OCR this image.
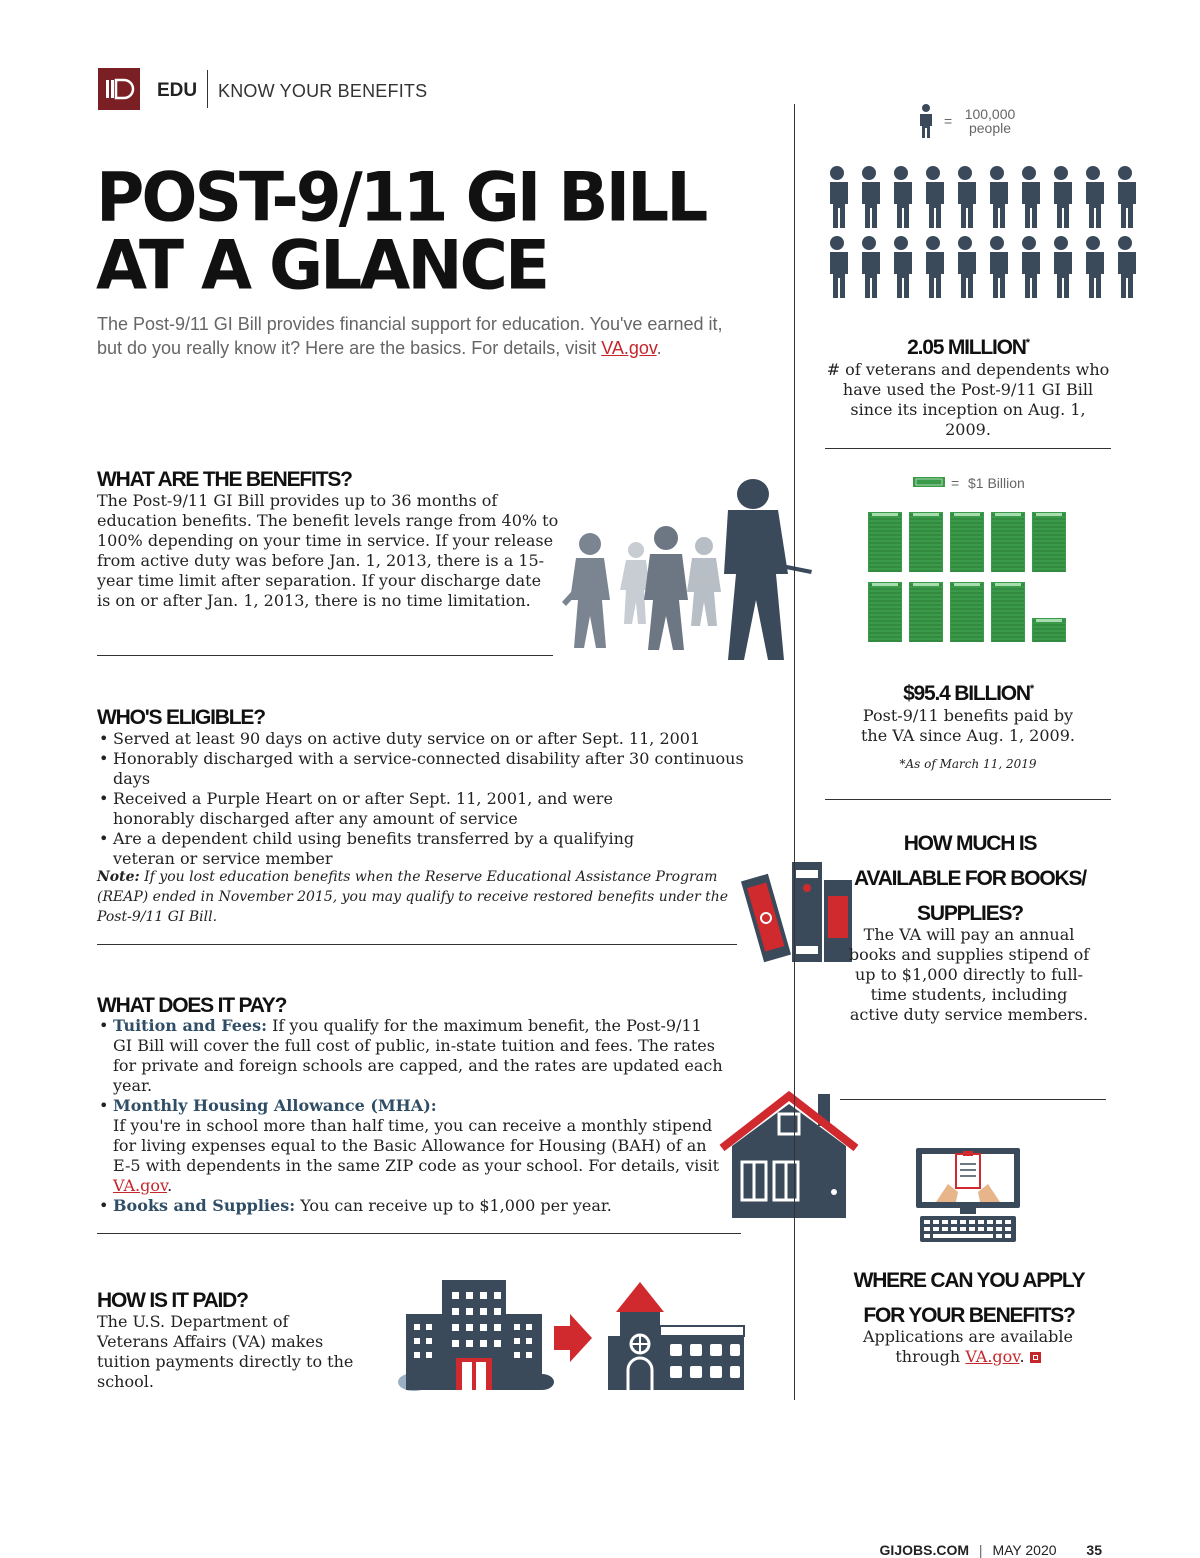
EDU KNOW YOUR BENEFITS
POST-9/11 GI BILL
AT A GLANCE
The Post-9/11 GI Bill provides financial support for education. You've earned it, but do you really know it? Here are the basics. For details, visit VA.gov.
WHAT ARE THE BENEFITS?
The Post-9/11 GI Bill provides up to 36 months of education benefits. The benefit levels range from 40% to 100% depending on your time in service. If your release from active duty was before Jan. 1, 2013, there is a 15-year time limit after separation. If your discharge date is on or after Jan. 1, 2013, there is no time limitation.
WHO'S ELIGIBLE?
• Served at least 90 days on active duty service on or after Sept. 11, 2001
• Honorably discharged with a service-connected disability after 30 continuous days
• Received a Purple Heart on or after Sept. 11, 2001, and were honorably discharged after any amount of service
• Are a dependent child using benefits transferred by a qualifying veteran or service member
Note: If you lost education benefits when the Reserve Educational Assistance Program (REAP) ended in November 2015, you may qualify to receive restored benefits under the Post-9/11 GI Bill.
WHAT DOES IT PAY?
• Tuition and Fees: If you qualify for the maximum benefit, the Post-9/11 GI Bill will cover the full cost of public, in-state tuition and fees. The rates for private and foreign schools are capped, and the rates are updated each year.
• Monthly Housing Allowance (MHA):
If you're in school more than half time, you can receive a monthly stipend for living expenses equal to the Basic Allowance for Housing (BAH) of an E-5 with dependents in the same ZIP code as your school. For details, visit VA.gov.
• Books and Supplies: You can receive up to $1,000 per year.
HOW IS IT PAID?
The U.S. Department of Veterans Affairs (VA) makes tuition payments directly to the school.
= 100,000 people
2.05 MILLION*
# of veterans and dependents who have used the Post-9/11 GI Bill since its inception on Aug. 1, 2009.
= $1 Billion
$95.4 BILLION*
Post-9/11 benefits paid by the VA since Aug. 1, 2009.
*As of March 11, 2019
HOW MUCH IS AVAILABLE FOR BOOKS/ SUPPLIES?
The VA will pay an annual books and supplies stipend of up to $1,000 directly to full-time students, including active duty service members.
WHERE CAN YOU APPLY FOR YOUR BENEFITS?
Applications are available through VA.gov.
GIJOBS.COM | MAY 2020 35
